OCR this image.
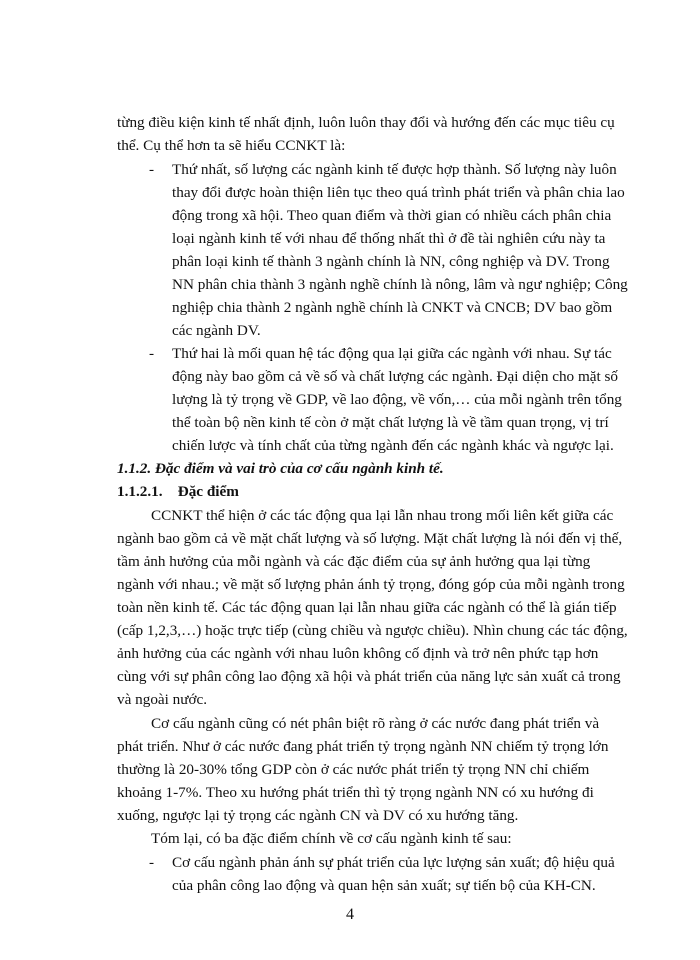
từng điều kiện kinh tế nhất định, luôn luôn thay đổi và hướng đến các mục tiêu cụ
thể. Cụ thể hơn ta sẽ hiểu CCNKT là:
- Thứ nhất, số lượng các ngành kinh tế được hợp thành. Số lượng này luôn
thay đổi được hoàn thiện liên tục theo quá trình phát triển và phân chia lao
động trong xã hội. Theo quan điểm và thời gian có nhiều cách phân chia
loại ngành kinh tế với nhau để thống nhất thì ở đề tài nghiên cứu này ta
phân loại kinh tế thành 3 ngành chính là NN, công nghiệp và DV. Trong
NN phân chia thành 3 ngành nghề chính là nông, lâm và ngư nghiệp; Công
nghiệp chia thành 2 ngành nghề chính là CNKT và CNCB; DV bao gồm
các ngành DV.
- Thứ hai là mối quan hệ tác động qua lại giữa các ngành với nhau. Sự tác
động này bao gồm cả về số và chất lượng các ngành. Đại diện cho mặt số
lượng là tỷ trọng về GDP, về lao động, về vốn,… của mỗi ngành trên tổng
thể toàn bộ nền kinh tế còn ở mặt chất lượng là về tầm quan trọng, vị trí
chiến lược và tính chất của từng ngành đến các ngành khác và ngược lại.
1.1.2. Đặc điểm và vai trò của cơ cấu ngành kinh tế.
1.1.2.1.    Đặc điểm
CCNKT thể hiện ở các tác động qua lại lẫn nhau trong mối liên kết giữa các
ngành bao gồm cả về mặt chất lượng và số lượng. Mặt chất lượng là nói đến vị thế,
tầm ảnh hưởng của mỗi ngành và các đặc điểm của sự ảnh hưởng qua lại từng
ngành với nhau.; về mặt số lượng phản ánh tỷ trọng, đóng góp của mỗi ngành trong
toàn nền kinh tế. Các tác động quan lại lẫn nhau giữa các ngành có thể là gián tiếp
(cấp 1,2,3,…) hoặc trực tiếp (cùng chiều và ngược chiều). Nhìn chung các tác động,
ảnh hưởng của các ngành với nhau luôn không cố định và trở nên phức tạp hơn
cùng với sự phân công lao động xã hội và phát triển của năng lực sản xuất cả trong
và ngoài nước.
Cơ cấu ngành cũng có nét phân biệt rõ ràng ở các nước đang phát triển và
phát triển. Như ở các nước đang phát triển tỷ trọng ngành NN chiếm tỷ trọng lớn
thường là 20-30% tổng GDP còn ở các nước phát triển tỷ trọng NN chỉ chiếm
khoảng 1-7%. Theo xu hướng phát triển thì tỷ trọng ngành NN có xu hướng đi
xuống, ngược lại tỷ trọng các ngành CN và DV có xu hướng tăng.
Tóm lại, có ba đặc điểm chính về cơ cấu ngành kinh tế sau:
- Cơ cấu ngành phản ánh sự phát triển của lực lượng sản xuất; độ hiệu quả
của phân công lao động và quan hện sản xuất; sự tiến bộ của KH-CN.
4
